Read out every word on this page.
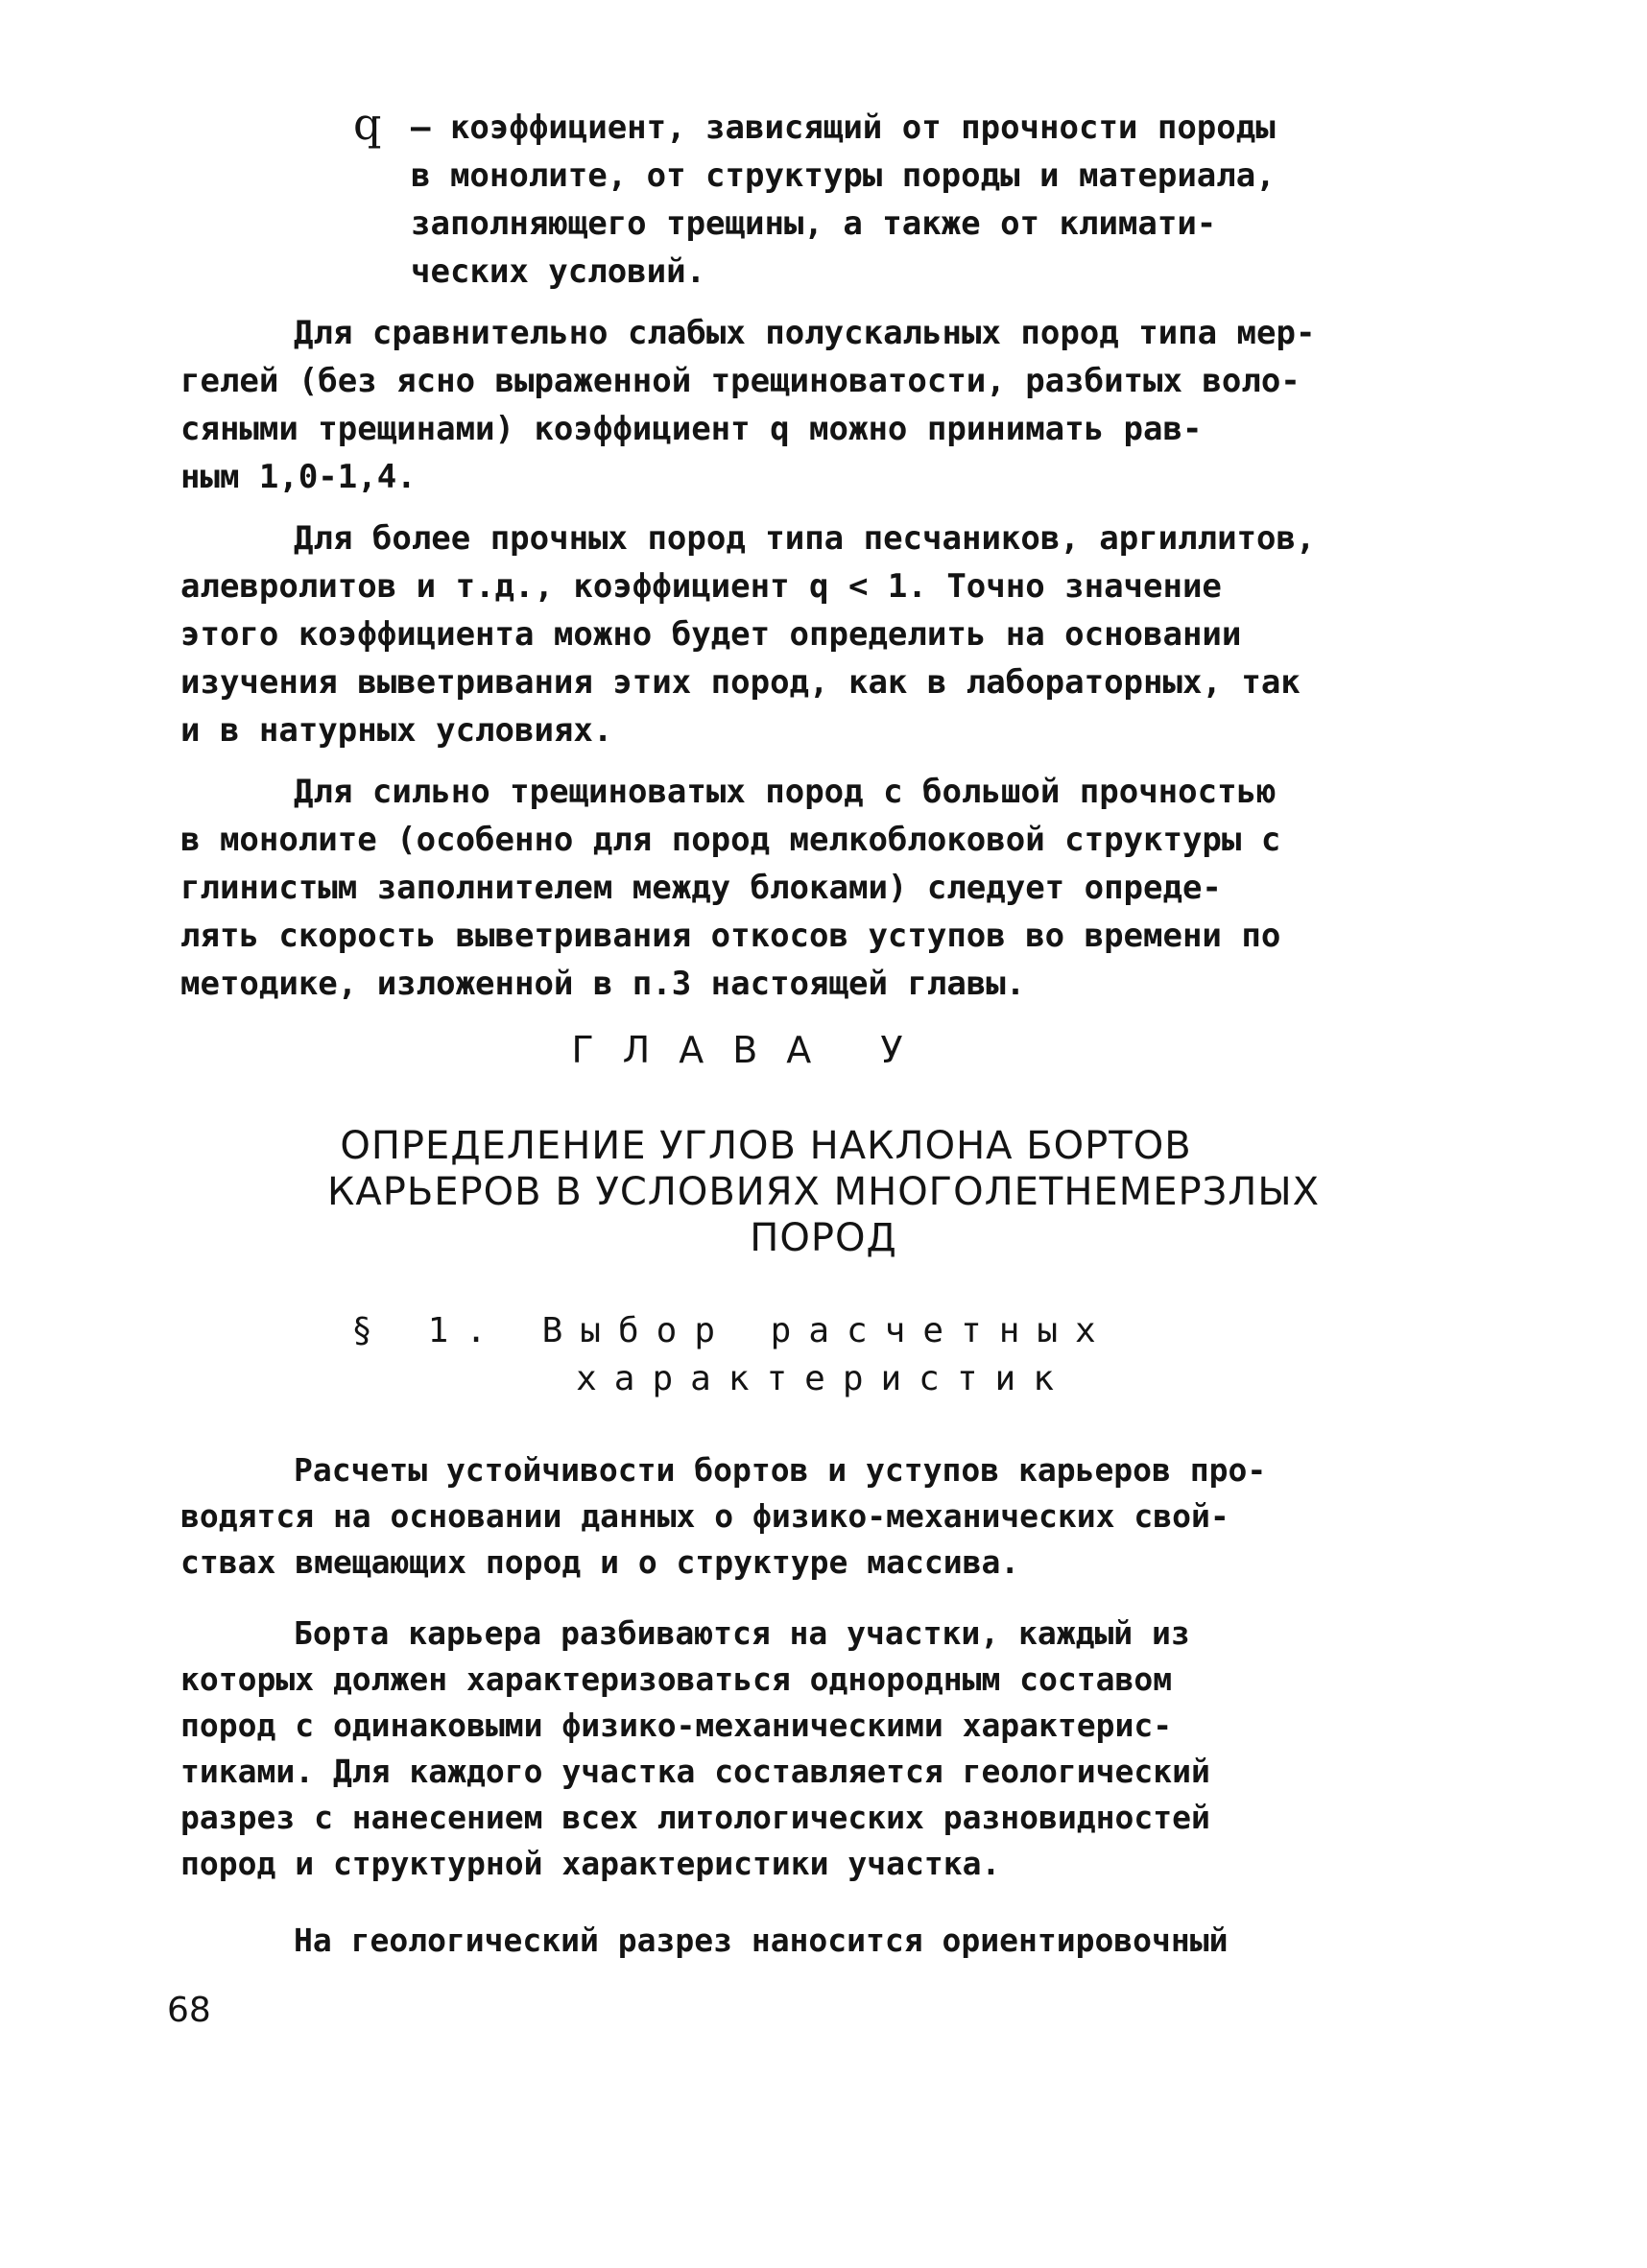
q – коэффициент, зависящий от прочности породы
в монолите, от структуры породы и материала,
заполняющего трещины, а также от климати-
ческих условий.
Для сравнительно слабых полускальных пород типа мер-
гелей (без ясно выраженной трещиноватости, разбитых воло-
сяными трещинами) коэффициент q можно принимать рав-
ным 1,0-1,4.
Для более прочных пород типа песчаников, аргиллитов,
алевролитов и т.д., коэффициент q < 1. Точно значение
этого коэффициента можно будет определить на основании
изучения выветривания этих пород, как в лабораторных, так
и в натурных условиях.
Для сильно трещиноватых пород с большой прочностью
в монолите (особенно для пород мелкоблоковой структуры с
глинистым заполнителем между блоками) следует опреде-
лять скорость выветривания откосов уступов во времени по
методике, изложенной в п.3 настоящей главы.
ГЛАВА У
ОПРЕДЕЛЕНИЕ УГЛОВ НАКЛОНА БОРТОВ
КАРЬЕРОВ В УСЛОВИЯХ МНОГОЛЕТНЕМЕРЗЛЫХ
ПОРОД
§ 1. Выбор расчетных
характеристик
Расчеты устойчивости бортов и уступов карьеров про-
водятся на основании данных о физико-механических свой-
ствах вмещающих пород и о структуре массива.
Борта карьера разбиваются на участки, каждый из
которых должен характеризоваться однородным составом
пород с одинаковыми физико-механическими характерис-
тиками. Для каждого участка составляется геологический
разрез с нанесением всех литологических разновидностей
пород и структурной характеристики участка.
На геологический разрез наносится ориентировочный
68
